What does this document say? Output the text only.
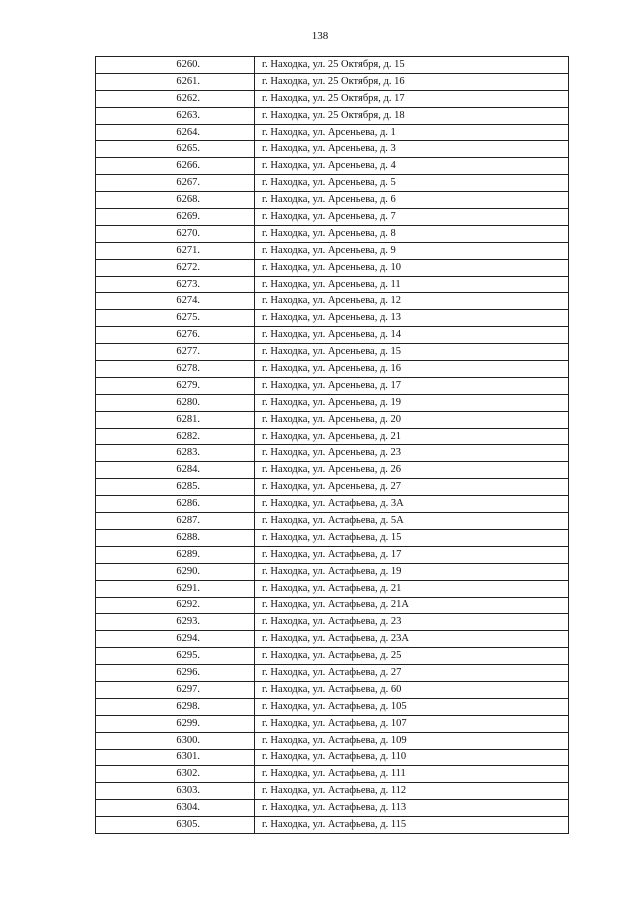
138
6260.	г. Находка, ул. 25 Октября, д. 15
6261.	г. Находка, ул. 25 Октября, д. 16
6262.	г. Находка, ул. 25 Октября, д. 17
6263.	г. Находка, ул. 25 Октября, д. 18
6264.	г. Находка, ул. Арсеньева, д. 1
6265.	г. Находка, ул. Арсеньева, д. 3
6266.	г. Находка, ул. Арсеньева, д. 4
6267.	г. Находка, ул. Арсеньева, д. 5
6268.	г. Находка, ул. Арсеньева, д. 6
6269.	г. Находка, ул. Арсеньева, д. 7
6270.	г. Находка, ул. Арсеньева, д. 8
6271.	г. Находка, ул. Арсеньева, д. 9
6272.	г. Находка, ул. Арсеньева, д. 10
6273.	г. Находка, ул. Арсеньева, д. 11
6274.	г. Находка, ул. Арсеньева, д. 12
6275.	г. Находка, ул. Арсеньева, д. 13
6276.	г. Находка, ул. Арсеньева, д. 14
6277.	г. Находка, ул. Арсеньева, д. 15
6278.	г. Находка, ул. Арсеньева, д. 16
6279.	г. Находка, ул. Арсеньева, д. 17
6280.	г. Находка, ул. Арсеньева, д. 19
6281.	г. Находка, ул. Арсеньева, д. 20
6282.	г. Находка, ул. Арсеньева, д. 21
6283.	г. Находка, ул. Арсеньева, д. 23
6284.	г. Находка, ул. Арсеньева, д. 26
6285.	г. Находка, ул. Арсеньева, д. 27
6286.	г. Находка, ул. Астафьева, д. 3А
6287.	г. Находка, ул. Астафьева, д. 5А
6288.	г. Находка, ул. Астафьева, д. 15
6289.	г. Находка, ул. Астафьева, д. 17
6290.	г. Находка, ул. Астафьева, д. 19
6291.	г. Находка, ул. Астафьева, д. 21
6292.	г. Находка, ул. Астафьева, д. 21А
6293.	г. Находка, ул. Астафьева, д. 23
6294.	г. Находка, ул. Астафьева, д. 23А
6295.	г. Находка, ул. Астафьева, д. 25
6296.	г. Находка, ул. Астафьева, д. 27
6297.	г. Находка, ул. Астафьева, д. 60
6298.	г. Находка, ул. Астафьева, д. 105
6299.	г. Находка, ул. Астафьева, д. 107
6300.	г. Находка, ул. Астафьева, д. 109
6301.	г. Находка, ул. Астафьева, д. 110
6302.	г. Находка, ул. Астафьева, д. 111
6303.	г. Находка, ул. Астафьева, д. 112
6304.	г. Находка, ул. Астафьева, д. 113
6305.	г. Находка, ул. Астафьева, д. 115
